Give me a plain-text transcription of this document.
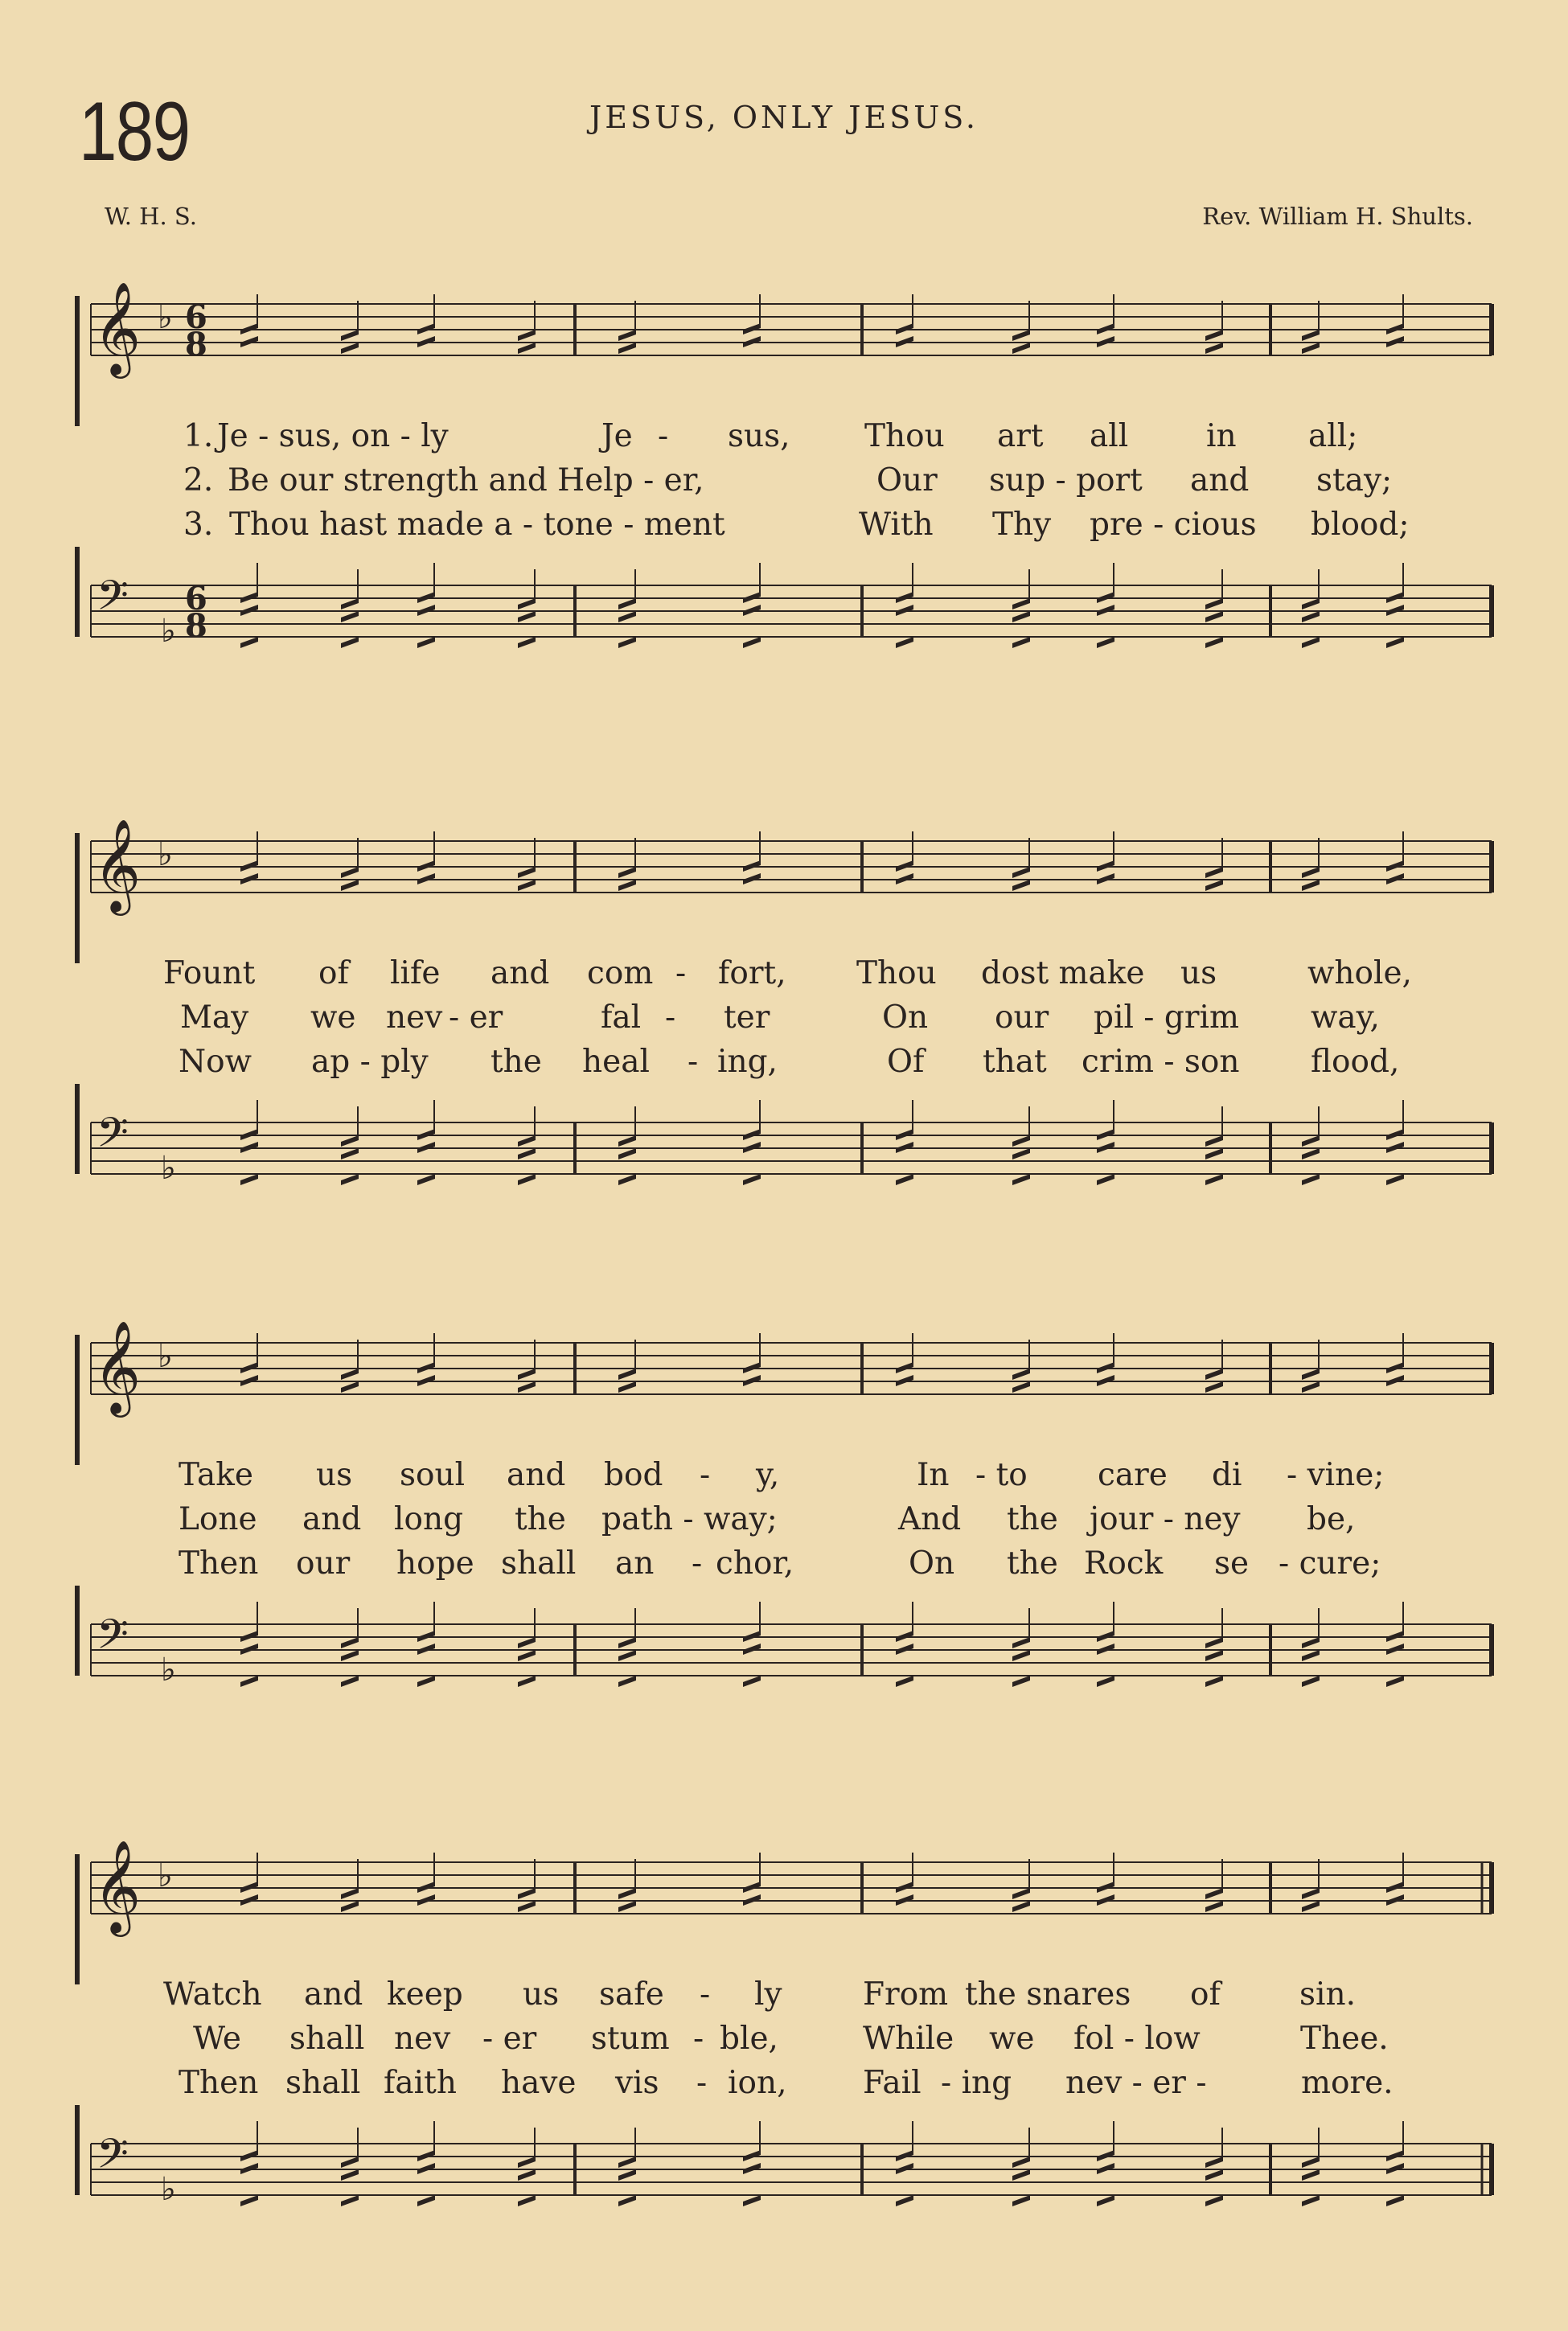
189	JESUS, ONLY JESUS.
W. H. S.	Rev. William H. Shults.
𝄞 ♭ 6
8
1. Je - sus, on - ly	Je - sus, Thou art all in all;
2. Be our strength and Help - er,	Our sup - port and stay;
3. Thou hast made a - tone - ment	With Thy pre - cious blood;
𝄢
♭
6
8
𝄞 ♭
Fount of life and com - fort, Thou dost make us	whole,
May we nev - er	fal - ter	On our pil - grim way,
Now ap - ply the heal - ing,	Of that crim - son flood,
𝄢
♭
𝄞 ♭
Take us soul and bod - y,	In - to care di - vine;
Lone and long the path - way;	And the jour - ney be,
Then our hope shall an - chor,	On the Rock se - cure;
𝄢
♭
𝄞 ♭
Watch and keep us safe - ly	From the snares of	sin.
We shall nev - er stum - ble,	While we fol - low	Thee.
Then shall faith have vis - ion, Fail - ing nev - er -	more.
𝄢
♭
